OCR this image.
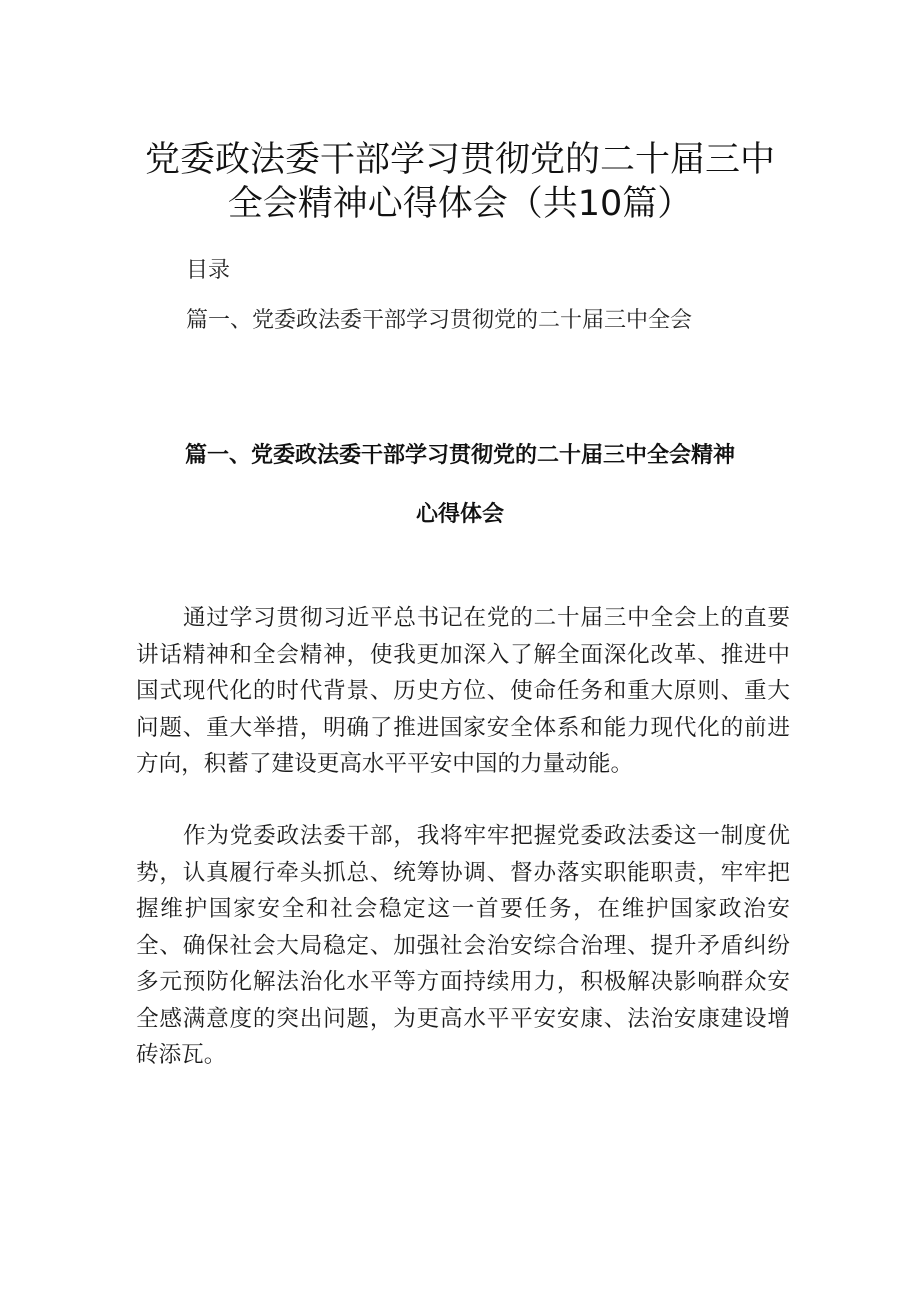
党委政法委干部学习贯彻党的二十届三中
全会精神心得体会（共10篇）
目录
篇一、党委政法委干部学习贯彻党的二十届三中全会
篇一、党委政法委干部学习贯彻党的二十届三中全会精神
心得体会

通过学习贯彻习近平总书记在党的二十届三中全会上的直要讲话精神和全会精神，使我更加深入了解全面深化改革、推进中国式现代化的时代背景、历史方位、使命任务和重大原则、重大问题、重大举措，明确了推进国家安全体系和能力现代化的前进方向，积蓄了建设更高水平平安中国的力量动能。

作为党委政法委干部，我将牢牢把握党委政法委这一制度优势，认真履行牵头抓总、统筹协调、督办落实职能职责，牢牢把握维护国家安全和社会稳定这一首要任务，在维护国家政治安全、确保社会大局稳定、加强社会治安综合治理、提升矛盾纠纷多元预防化解法治化水平等方面持续用力，积极解决影响群众安全感满意度的突出问题，为更高水平平安安康、法治安康建设增砖添瓦。
